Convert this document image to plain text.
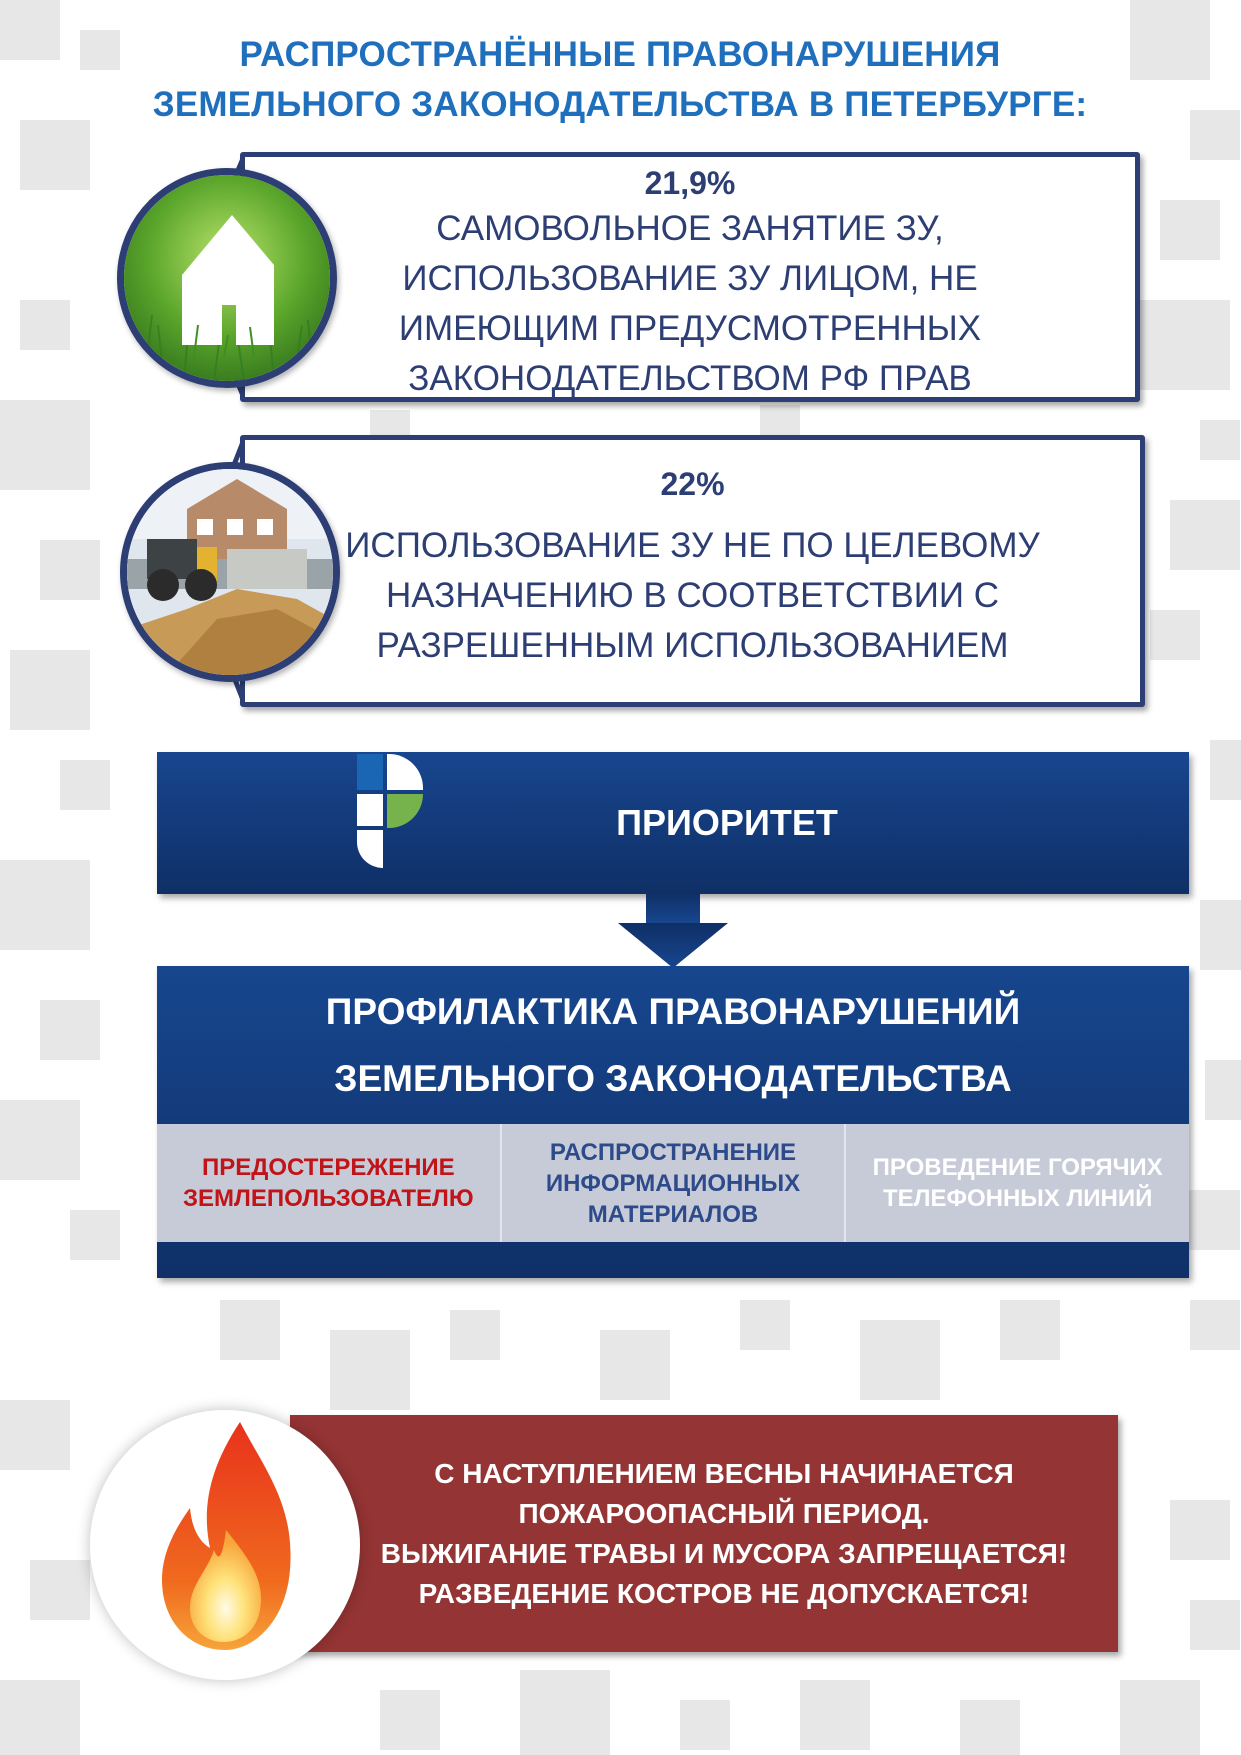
РАСПРОСТРАНЁННЫЕ ПРАВОНАРУШЕНИЯ
ЗЕМЕЛЬНОГО ЗАКОНОДАТЕЛЬСТВА В ПЕТЕРБУРГЕ:
21,9%
САМОВОЛЬНОЕ ЗАНЯТИЕ ЗУ,
ИСПОЛЬЗОВАНИЕ ЗУ ЛИЦОМ, НЕ
ИМЕЮЩИМ ПРЕДУСМОТРЕННЫХ
ЗАКОНОДАТЕЛЬСТВОМ РФ ПРАВ
22%
ИСПОЛЬЗОВАНИЕ ЗУ НЕ ПО ЦЕЛЕВОМУ
НАЗНАЧЕНИЮ В СООТВЕТСТВИИ С
РАЗРЕШЕННЫМ ИСПОЛЬЗОВАНИЕМ
ПРИОРИТЕТ
ПРОФИЛАКТИКА ПРАВОНАРУШЕНИЙ
ЗЕМЕЛЬНОГО ЗАКОНОДАТЕЛЬСТВА
ПРЕДОСТЕРЕЖЕНИЕ
ЗЕМЛЕПОЛЬЗОВАТЕЛЮ
РАСПРОСТРАНЕНИЕ
ИНФОРМАЦИОННЫХ
МАТЕРИАЛОВ
ПРОВЕДЕНИЕ ГОРЯЧИХ
ТЕЛЕФОННЫХ ЛИНИЙ
С НАСТУПЛЕНИЕМ ВЕСНЫ НАЧИНАЕТСЯ
ПОЖАРООПАСНЫЙ ПЕРИОД.
ВЫЖИГАНИЕ ТРАВЫ И МУСОРА ЗАПРЕЩАЕТСЯ!
РАЗВЕДЕНИЕ КОСТРОВ НЕ ДОПУСКАЕТСЯ!
